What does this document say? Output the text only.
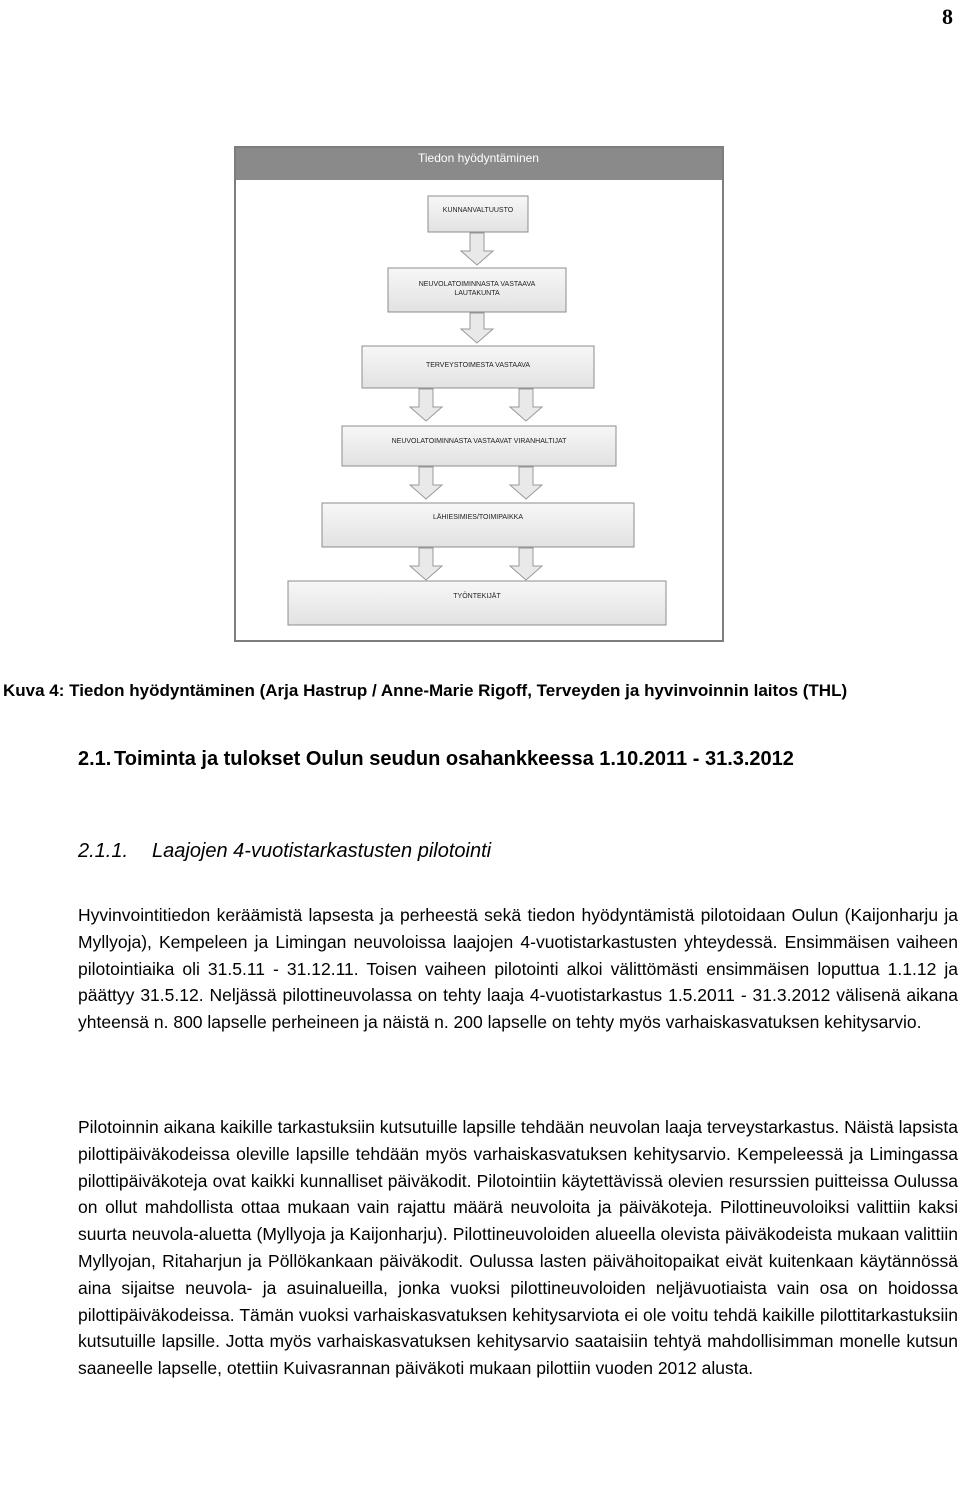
8
Tiedon hyödyntäminen
KUNNANVALTUUSTO
NEUVOLATOIMINNASTA VASTAAVA LAUTAKUNTA
TERVEYSTOIMESTA VASTAAVA
NEUVOLATOIMINNASTA VASTAAVAT VIRANHALTIJAT
LÄHIESIMIES/TOIMIPAIKKA
TYÖNTEKIJÄT
Kuva 4: Tiedon hyödyntäminen (Arja Hastrup / Anne-Marie Rigoff, Terveyden ja hyvinvoinnin laitos (THL)
2.1. Toiminta ja tulokset Oulun seudun osahankkeessa 1.10.2011 - 31.3.2012
2.1.1. Laajojen 4-vuotistarkastusten pilotointi

Hyvinvointitiedon keräämistä lapsesta ja perheestä sekä tiedon hyödyntämistä pilotoidaan Oulun (Kaijonharju ja Myllyoja), Kempeleen ja Limingan neuvoloissa laajojen 4-vuotistarkastusten yhteydessä. Ensimmäisen vaiheen pilotointiaika oli 31.5.11 - 31.12.11. Toisen vaiheen pilotointi alkoi välittömästi ensimmäisen loputtua 1.1.12 ja päättyy 31.5.12. Neljässä pilottineuvolassa on tehty laaja 4-vuotistarkastus 1.5.2011 - 31.3.2012 välisenä aikana yhteensä n. 800 lapselle perheineen ja näistä n. 200 lapselle on tehty myös varhaiskasvatuksen kehitysarvio.

Pilotoinnin aikana kaikille tarkastuksiin kutsutuille lapsille tehdään neuvolan laaja terveystarkastus. Näistä lapsista pilottipäiväkodeissa oleville lapsille tehdään myös varhaiskasvatuksen kehitysarvio. Kempeleessä ja Limingassa pilottipäiväkoteja ovat kaikki kunnalliset päiväkodit. Pilotointiin käytettävissä olevien resurssien puitteissa Oulussa on ollut mahdollista ottaa mukaan vain rajattu määrä neuvoloita ja päiväkoteja. Pilottineuvoloiksi valittiin kaksi suurta neuvola-aluetta (Myllyoja ja Kaijonharju). Pilottineuvoloiden alueella olevista päiväkodeista mukaan valittiin Myllyojan, Ritaharjun ja Pöllökankaan päiväkodit. Oulussa lasten päivähoitopaikat eivät kuitenkaan käytännössä aina sijaitse neuvola- ja asuinalueilla, jonka vuoksi pilottineuvoloiden neljävuotiaista vain osa on hoidossa pilottipäiväkodeissa. Tämän vuoksi varhaiskasvatuksen kehitysarviota ei ole voitu tehdä kaikille pilottitarkastuksiin kutsutuille lapsille. Jotta myös varhaiskasvatuksen kehitysarvio saataisiin tehtyä mahdollisimman monelle kutsun saaneelle lapselle, otettiin Kuivasrannan päiväkoti mukaan pilottiin vuoden 2012 alusta.
